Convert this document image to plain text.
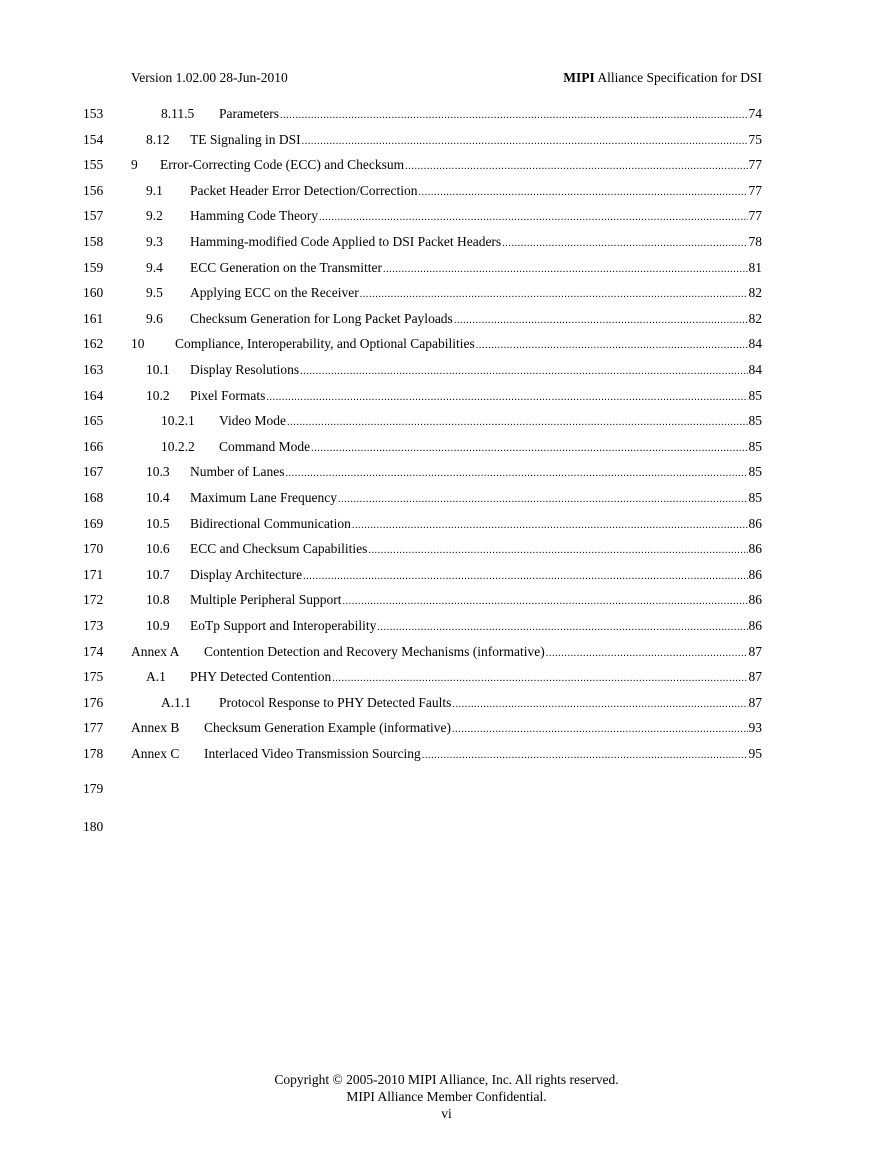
Version 1.02.00 28-Jun-2010	MIPI Alliance Specification for DSI
153	8.11.5 Parameters .....	74
154	8.12 TE Signaling in DSI .....	75
155	9 Error-Correcting Code (ECC) and Checksum .....	77
156	9.1 Packet Header Error Detection/Correction .....	77
157	9.2 Hamming Code Theory .....	77
158	9.3 Hamming-modified Code Applied to DSI Packet Headers .....	78
159	9.4 ECC Generation on the Transmitter .....	81
160	9.5 Applying ECC on the Receiver .....	82
161	9.6 Checksum Generation for Long Packet Payloads .....	82
162	10 Compliance, Interoperability, and Optional Capabilities .....	84
163	10.1 Display Resolutions .....	84
164	10.2 Pixel Formats .....	85
165	10.2.1 Video Mode .....	85
166	10.2.2 Command Mode .....	85
167	10.3 Number of Lanes .....	85
168	10.4 Maximum Lane Frequency .....	85
169	10.5 Bidirectional Communication .....	86
170	10.6 ECC and Checksum Capabilities .....	86
171	10.7 Display Architecture .....	86
172	10.8 Multiple Peripheral Support .....	86
173	10.9 EoTp Support and Interoperability .....	86
174	Annex A Contention Detection and Recovery Mechanisms (informative) .....	87
175	A.1 PHY Detected Contention .....	87
176	A.1.1 Protocol Response to PHY Detected Faults .....	87
177	Annex B Checksum Generation Example (informative) .....	93
178	Annex C Interlaced Video Transmission Sourcing .....	95
179
180
Copyright © 2005-2010 MIPI Alliance, Inc. All rights reserved.
MIPI Alliance Member Confidential.
vi
